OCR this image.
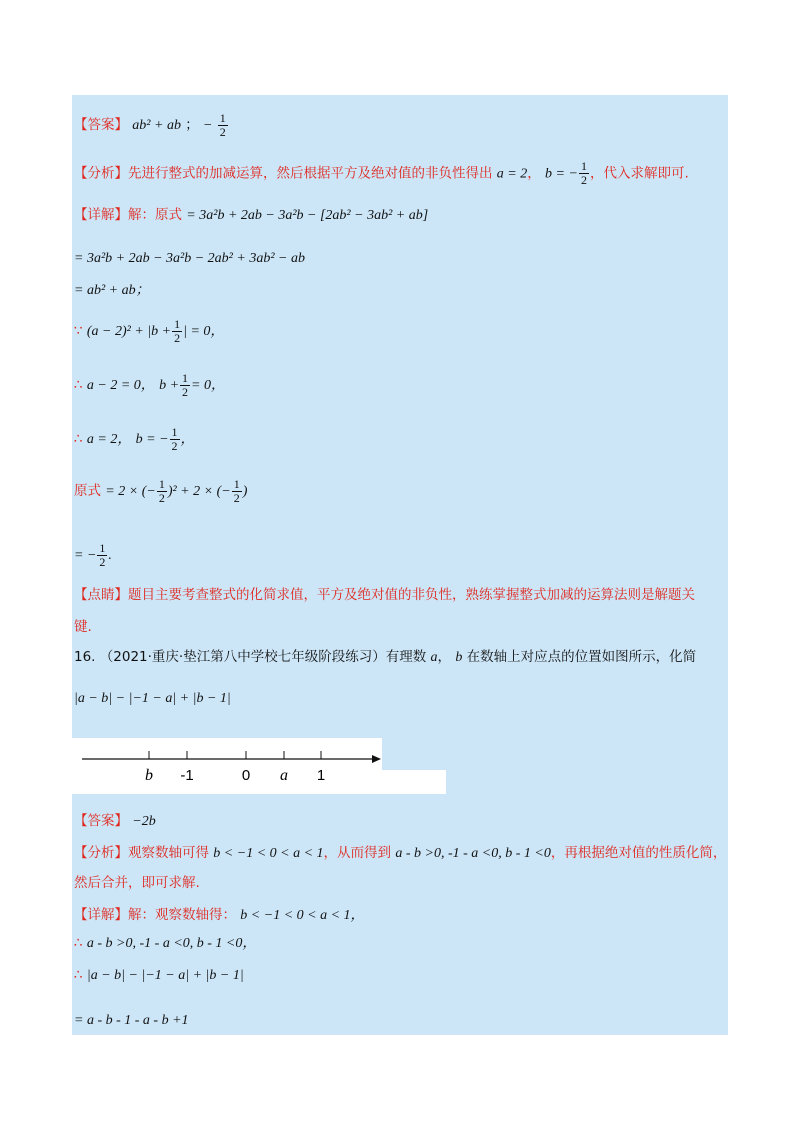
【答案】 ab² + ab ； − $\frac{1}{2}$
【分析】先进行整式的加减运算，然后根据平方及绝对值的非负性得出 a = 2， b = − $\frac{1}{2}$ ，代入求解即可.
【详解】解：原式 = 3a²b + 2ab − 3a²b − [2ab² − 3ab² + ab]
= 3a²b + 2ab − 3a²b − 2ab² + 3ab² − ab
= ab² + ab；
∵ $(a - 2)^2 + |b + \frac{1}{2}$ | = 0，
∴ a − 2 = 0， $b + \frac{1}{2} = 0$，
∴ a = 2， b = − $\frac{1}{2}$ ，
原式 = 2 × (− $\frac{1}{2} )^2 + 2$ × (− $\frac{1}{2}$ )
= − $\frac{1}{2}$ .
【点睛】题目主要考查整式的化简求值，平方及绝对值的非负性，熟练掌握整式加减的运算法则是解题关
键.
16. （2021·重庆·垫江第八中学校七年级阶段练习）有理数 a， b 在数轴上对应点的位置如图所示，化简
|a − b| − |−1 − a| + |b − 1|
b -1	0 a 1
【答案】 −2b
【分析】观察数轴可得 b < −1 < 0 < a < 1，从而得到 a - b >0, -1 - a <0, b - 1 <0，再根据绝对值的性质化简，
然后合并，即可求解.
【详解】解：观察数轴得： b < −1 < 0 < a < 1，
∴ a - b >0, -1 - a <0, b - 1 <0，
∴ |a − b| − |−1 − a| + |b − 1|
= a - b - 1 - a - b +1
